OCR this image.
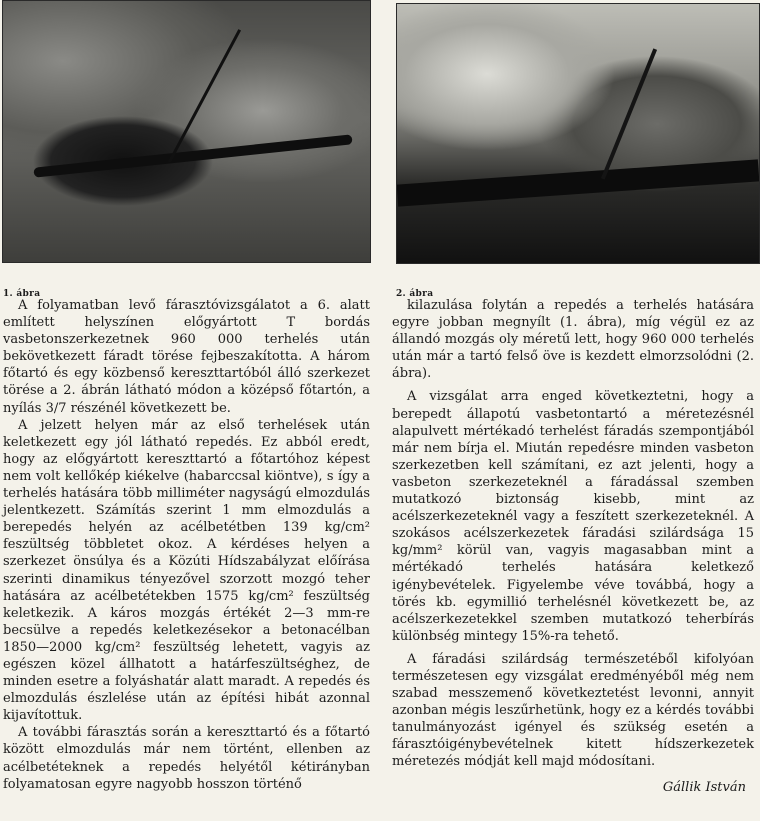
1. ábra	2. ábra

A folyamatban levő fárasztóvizsgálatot a 6. alatt említett helyszínen előgyártott T bordás vasbetonszerkezetnek 960 000 terhelés után bekövetkezett fáradt törése fejbeszakította. A három főtartó és egy közbenső kereszttartóból álló szerkezet törése a 2. ábrán látható módon a középső főtartón, a nyílás 3/7 részénél következett be.

A jelzett helyen már az első terhelések után keletkezett egy jól látható repedés. Ez abból eredt, hogy az előgyártott kereszttartó a főtartóhoz képest nem volt kellőkép kiékelve (habarccsal kiöntve), s így a terhelés hatására több milliméter nagyságú elmozdulás jelentkezett. Számítás szerint 1 mm elmozdulás a berepedés helyén az acélbetétben 139 kg/cm² feszültség többletet okoz. A kérdéses helyen a szerkezet önsúlya és a Közúti Hídszabályzat előírása szerinti dinamikus tényezővel szorzott mozgó teher hatására az acélbetétekben 1575 kg/cm² feszültség keletkezik. A káros mozgás értékét 2—3 mm-re becsülve a repedés keletkezésekor a betonacélban 1850—2000 kg/cm² feszültség lehetett, vagyis az egészen közel állhatott a határfeszültséghez, de minden esetre a folyáshatár alatt maradt. A repedés és elmozdulás észlelése után az építési hibát azonnal kijavítottuk.

A további fárasztás során a kereszttartó és a főtartó között elmozdulás már nem történt, ellenben az acélbetéteknek a repedés helyétől kétirányban folyamatosan egyre nagyobb hosszon történő

kilazulása folytán a repedés a terhelés hatására egyre jobban megnyílt (1. ábra), míg végül ez az állandó mozgás oly méretű lett, hogy 960 000 terhelés után már a tartó felső öve is kezdett elmorzsolódni (2. ábra).

A vizsgálat arra enged következtetni, hogy a berepedt állapotú vasbetontartó a méretezésnél alapulvett mértékadó terhelést fáradás szempontjából már nem bírja el. Miután repedésre minden vasbeton szerkezetben kell számítani, ez azt jelenti, hogy a vasbeton szerkezeteknél a fáradással szemben mutatkozó biztonság kisebb, mint az acélszerkezeteknél vagy a feszített szerkezeteknél. A szokásos acélszerkezetek fáradási szilárdsága 15 kg/mm² körül van, vagyis magasabban mint a mértékadó terhelés hatására keletkező igénybevételek. Figyelembe véve továbbá, hogy a törés kb. egymillió terhelésnél következett be, az acélszerkezetekkel szemben mutatkozó teherbírás különbség mintegy 15%-ra tehető.

A fáradási szilárdság természetéből kifolyóan természetesen egy vizsgálat eredményéből még nem szabad messzemenő következtetést levonni, annyit azonban mégis leszűrhetünk, hogy ez a kérdés további tanulmányozást igényel és szükség esetén a fárasztóigénybevételnek kitett hídszerkezetek méretezés módját kell majd módosítani.

Gállik István
